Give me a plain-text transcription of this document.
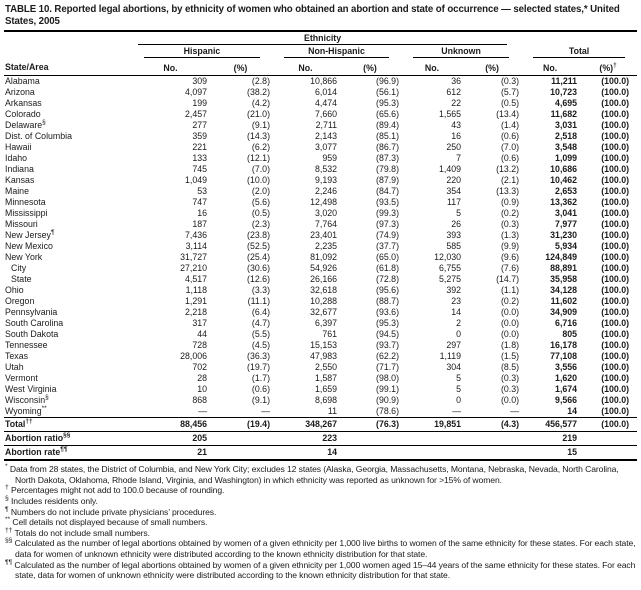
TABLE 10. Reported legal abortions, by ethnicity of women who obtained an abortion and state of occurrence — selected states,* United States, 2005
State/Area	Ethnicity							

	Hispanic		Non-Hispanic		Unknown		Total	

	No.	(%)	No.	(%)	No.	(%)	No.	(%)†
Alabama	309	(2.8)	10,866	(96.9)	36	(0.3)	11,211	(100.0)
Arizona	4,097	(38.2)	6,014	(56.1)	612	(5.7)	10,723	(100.0)
Arkansas	199	(4.2)	4,474	(95.3)	22	(0.5)	4,695	(100.0)
Colorado	2,457	(21.0)	7,660	(65.6)	1,565	(13.4)	11,682	(100.0)
Delaware§	277	(9.1)	2,711	(89.4)	43	(1.4)	3,031	(100.0)
Dist. of Columbia	359	(14.3)	2,143	(85.1)	16	(0.6)	2,518	(100.0)
Hawaii	221	(6.2)	3,077	(86.7)	250	(7.0)	3,548	(100.0)
Idaho	133	(12.1)	959	(87.3)	7	(0.6)	1,099	(100.0)
Indiana	745	(7.0)	8,532	(79.8)	1,409	(13.2)	10,686	(100.0)
Kansas	1,049	(10.0)	9,193	(87.9)	220	(2.1)	10,462	(100.0)
Maine	53	(2.0)	2,246	(84.7)	354	(13.3)	2,653	(100.0)
Minnesota	747	(5.6)	12,498	(93.5)	117	(0.9)	13,362	(100.0)
Mississippi	16	(0.5)	3,020	(99.3)	5	(0.2)	3,041	(100.0)
Missouri	187	(2.3)	7,764	(97.3)	26	(0.3)	7,977	(100.0)
New Jersey¶	7,436	(23.8)	23,401	(74.9)	393	(1.3)	31,230	(100.0)
New Mexico	3,114	(52.5)	2,235	(37.7)	585	(9.9)	5,934	(100.0)
New York	31,727	(25.4)	81,092	(65.0)	12,030	(9.6)	124,849	(100.0)
City	27,210	(30.6)	54,926	(61.8)	6,755	(7.6)	88,891	(100.0)
State	4,517	(12.6)	26,166	(72.8)	5,275	(14.7)	35,958	(100.0)
Ohio	1,118	(3.3)	32,618	(95.6)	392	(1.1)	34,128	(100.0)
Oregon	1,291	(11.1)	10,288	(88.7)	23	(0.2)	11,602	(100.0)
Pennsylvania	2,218	(6.4)	32,677	(93.6)	14	(0.0)	34,909	(100.0)
South Carolina	317	(4.7)	6,397	(95.3)	2	(0.0)	6,716	(100.0)
South Dakota	44	(5.5)	761	(94.5)	0	(0.0)	805	(100.0)
Tennessee	728	(4.5)	15,153	(93.7)	297	(1.8)	16,178	(100.0)
Texas	28,006	(36.3)	47,983	(62.2)	1,119	(1.5)	77,108	(100.0)
Utah	702	(19.7)	2,550	(71.7)	304	(8.5)	3,556	(100.0)
Vermont	28	(1.7)	1,587	(98.0)	5	(0.3)	1,620	(100.0)
West Virginia	10	(0.6)	1,659	(99.1)	5	(0.3)	1,674	(100.0)
Wisconsin§	868	(9.1)	8,698	(90.9)	0	(0.0)	9,566	(100.0)
Wyoming**	—	—	11	(78.6)	—	—	14	(100.0)
Total††	88,456	(19.4)	348,267	(76.3)	19,851	(4.3)	456,577	(100.0)
Abortion ratio§§	205		223				219	
Abortion rate¶¶	21		14				15	
* Data from 28 states, the District of Columbia, and New York City; excludes 12 states (Alaska, Georgia, Massachusetts, Montana, Nebraska, Nevada, North Carolina, North Dakota, Oklahoma, Rhode Island, Virginia, and Washington) in which ethnicity was reported as unknown for >15% of women.
† Percentages might not add to 100.0 because of rounding.
§ Includes residents only.
¶ Numbers do not include private physicians’ procedures.
** Cell details not displayed because of small numbers.
†† Totals do not include small numbers.
§§ Calculated as the number of legal abortions obtained by women of a given ethnicity per 1,000 live births to women of the same ethnicity for these states. For each state, data for women of unknown ethnicity were distributed according to the known ethnicity distribution for that state.
¶¶ Calculated as the number of legal abortions obtained by women of a given ethnicity per 1,000 women aged 15–44 years of the same ethnicity for these states. For each state, data for women of unknown ethnicity were distributed according to the known ethnicity distribution for that state.
